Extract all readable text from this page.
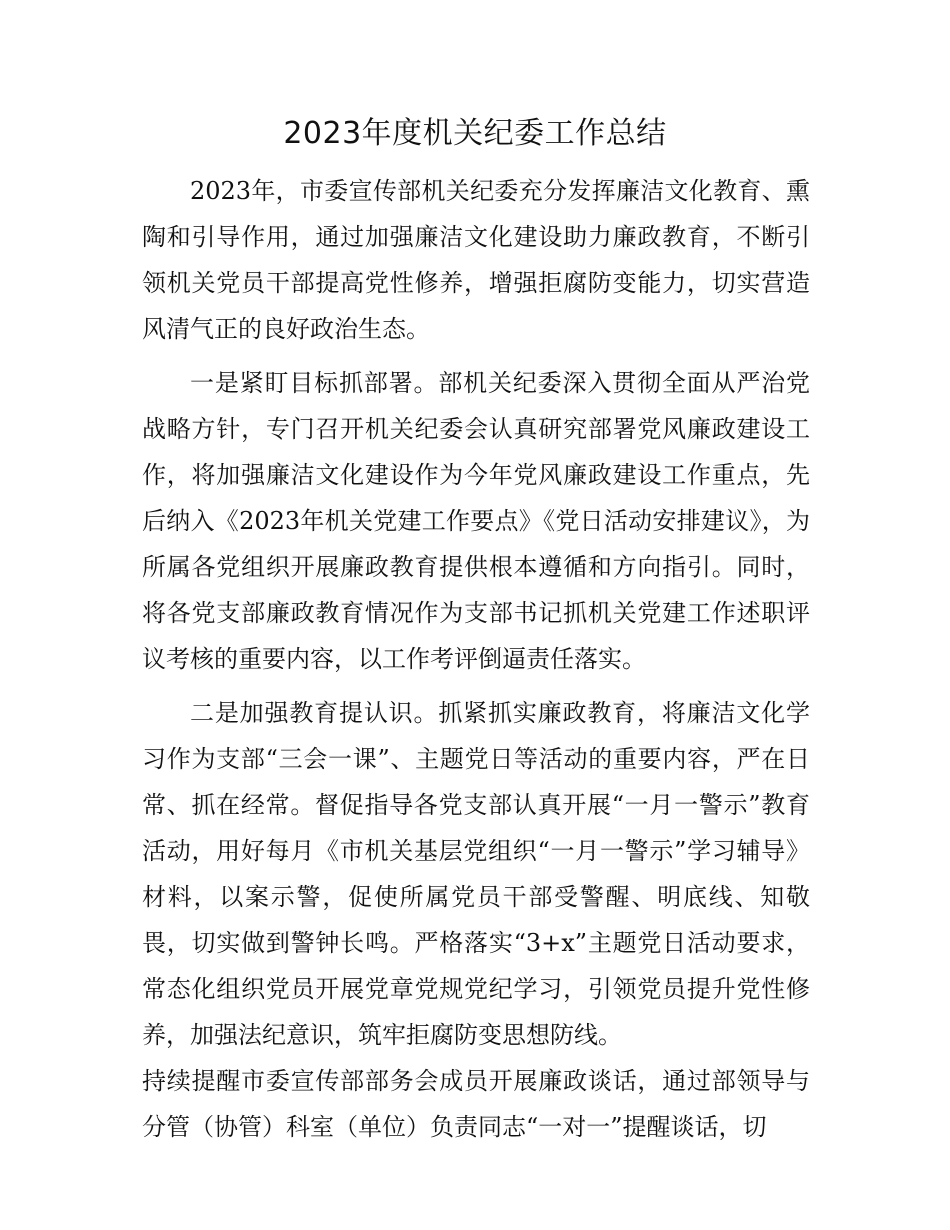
2023年度机关纪委工作总结

2023年，市委宣传部机关纪委充分发挥廉洁文化教育、熏陶和引导作用，通过加强廉洁文化建设助力廉政教育，不断引领机关党员干部提高党性修养，增强拒腐防变能力，切实营造风清气正的良好政治生态。

一是紧盯目标抓部署。部机关纪委深入贯彻全面从严治党战略方针，专门召开机关纪委会认真研究部署党风廉政建设工作，将加强廉洁文化建设作为今年党风廉政建设工作重点，先后纳入《2023年机关党建工作要点》《党日活动安排建议》，为所属各党组织开展廉政教育提供根本遵循和方向指引。同时，将各党支部廉政教育情况作为支部书记抓机关党建工作述职评议考核的重要内容，以工作考评倒逼责任落实。

二是加强教育提认识。抓紧抓实廉政教育，将廉洁文化学习作为支部“三会一课”、主题党日等活动的重要内容，严在日常、抓在经常。督促指导各党支部认真开展“一月一警示”教育活动，用好每月《市机关基层党组织“一月一警示”学习辅导》材料，以案示警，促使所属党员干部受警醒、明底线、知敬畏，切实做到警钟长鸣。严格落实“3+x”主题党日活动要求，常态化组织党员开展党章党规党纪学习，引领党员提升党性修养，加强法纪意识，筑牢拒腐防变思想防线。

持续提醒市委宣传部部务会成员开展廉政谈话，通过部领导与分管（协管）科室（单位）负责同志“一对一”提醒谈话，切
